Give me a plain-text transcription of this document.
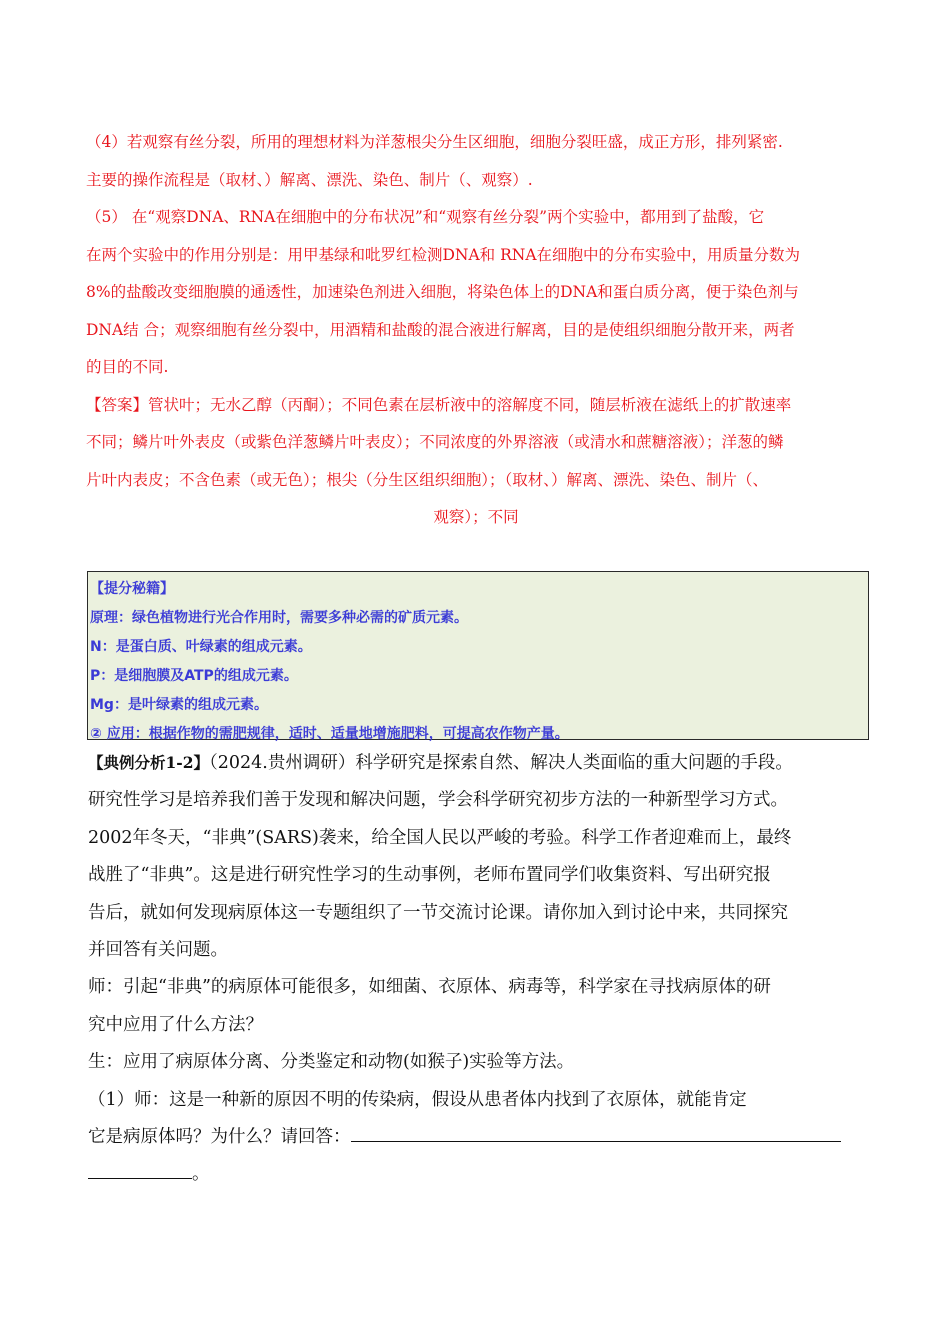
（4）若观察有丝分裂，所用的理想材料为洋葱根尖分生区细胞，细胞分裂旺盛，成正方形，排列紧密.

主要的操作流程是（取材、）解离、漂洗、染色、制片（、观察）.

（5） 在“观察DNA、RNA在细胞中的分布状况”和“观察有丝分裂”两个实验中，都用到了盐酸，它

在两个实验中的作用分别是：用甲基绿和吡罗红检测DNA和 RNA在细胞中的分布实验中，用质量分数为

8%的盐酸改变细胞膜的通透性，加速染色剂进入细胞，将染色体上的DNA和蛋白质分离，便于染色剂与

DNA结 合；观察细胞有丝分裂中，用酒精和盐酸的混合液进行解离，目的是使组织细胞分散开来，两者

的目的不同.

【答案】管状叶；无水乙醇（丙酮）；不同色素在层析液中的溶解度不同，随层析液在滤纸上的扩散速率

不同；鳞片叶外表皮（或紫色洋葱鳞片叶表皮）；不同浓度的外界溶液（或清水和蔗糖溶液）；洋葱的鳞

片叶内表皮；不含色素（或无色）；根尖（分生区组织细胞）；（取材、）解离、漂洗、染色、制片（、

观察）；不同

【提分秘籍】

原理：绿色植物进行光合作用时，需要多种必需的矿质元素。

N：是蛋白质、叶绿素的组成元素。

P：是细胞膜及ATP的组成元素。

Mg：是叶绿素的组成元素。

② 应用：根据作物的需肥规律，适时、适量地增施肥料，可提高农作物产量。

【典例分析1-2】（2024.贵州调研）科学研究是探索自然、解决人类面临的重大问题的手段。

研究性学习是培养我们善于发现和解决问题，学会科学研究初步方法的一种新型学习方式。

2002年冬天，“非典”(SARS)袭来，给全国人民以严峻的考验。科学工作者迎难而上，最终

战胜了“非典”。这是进行研究性学习的生动事例，老师布置同学们收集资料、写出研究报

告后，就如何发现病原体这一专题组织了一节交流讨论课。请你加入到讨论中来，共同探究

并回答有关问题。

师：引起“非典”的病原体可能很多，如细菌、衣原体、病毒等，科学家在寻找病原体的研

究中应用了什么方法？

生：应用了病原体分离、分类鉴定和动物(如猴子)实验等方法。

（1）师：这是一种新的原因不明的传染病，假设从患者体内找到了衣原体，就能肯定

它是病原体吗？为什么？请回答：

。
